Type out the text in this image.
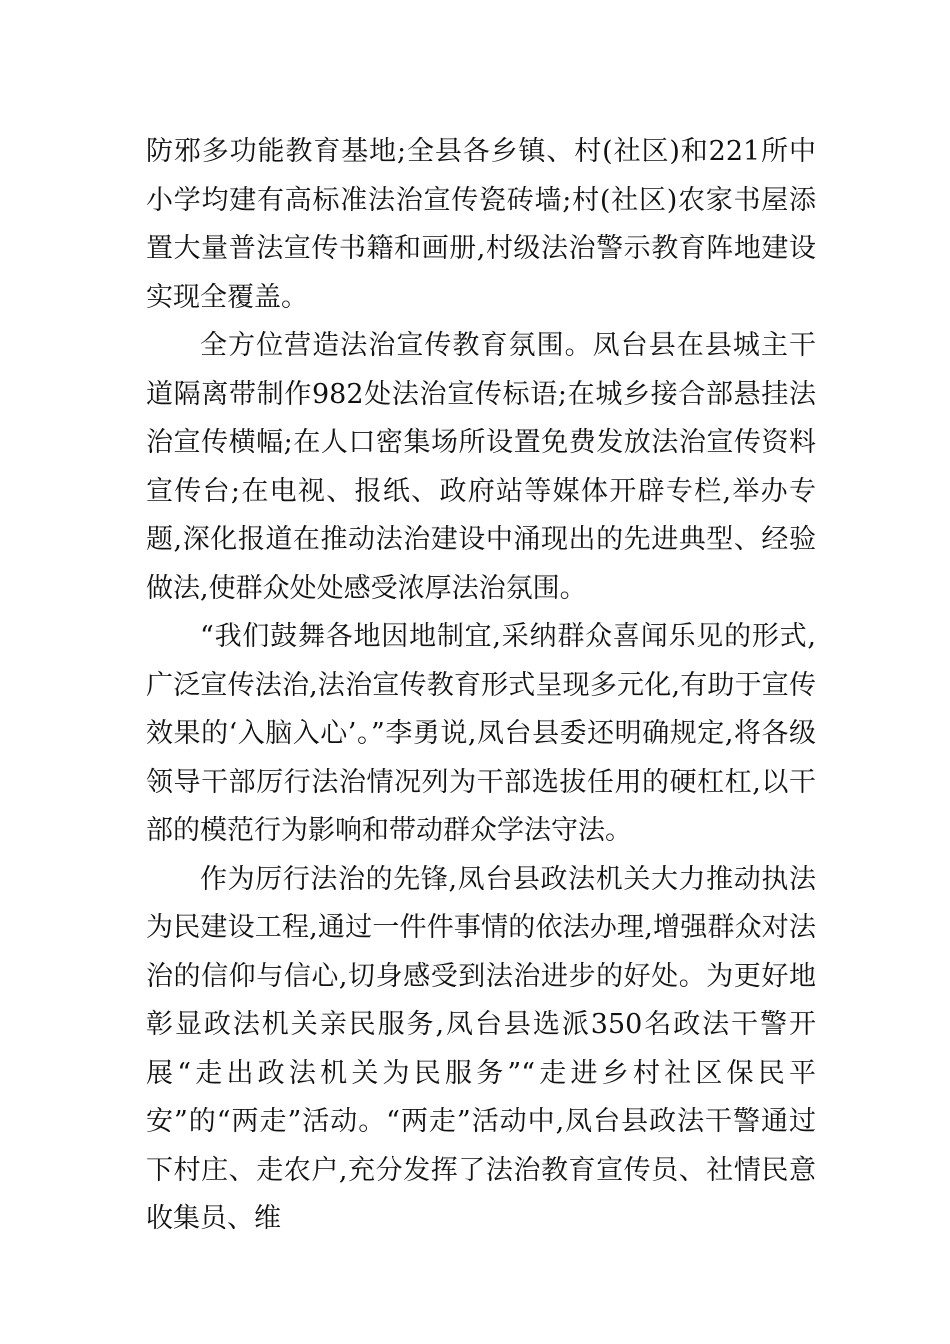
防邪多功能教育基地;全县各乡镇、村(社区)和221所中小学均建有高标准法治宣传瓷砖墙;村(社区)农家书屋添置大量普法宣传书籍和画册,村级法治警示教育阵地建设实现全覆盖。

全方位营造法治宣传教育氛围。凤台县在县城主干道隔离带制作982处法治宣传标语;在城乡接合部悬挂法治宣传横幅;在人口密集场所设置免费发放法治宣传资料宣传台;在电视、报纸、政府站等媒体开辟专栏,举办专题,深化报道在推动法治建设中涌现出的先进典型、经验做法,使群众处处感受浓厚法治氛围。

“我们鼓舞各地因地制宜,采纳群众喜闻乐见的形式,广泛宣传法治,法治宣传教育形式呈现多元化,有助于宣传效果的‘入脑入心’。”李勇说,凤台县委还明确规定,将各级领导干部厉行法治情况列为干部选拔任用的硬杠杠,以干部的模范行为影响和带动群众学法守法。

作为厉行法治的先锋,凤台县政法机关大力推动执法为民建设工程,通过一件件事情的依法办理,增强群众对法治的信仰与信心,切身感受到法治进步的好处。为更好地彰显政法机关亲民服务,凤台县选派350名政法干警开展“走出政法机关为民服务”“走进乡村社区保民平安”的“两走”活动。“两走”活动中,凤台县政法干警通过下村庄、走农户,充分发挥了法治教育宣传员、社情民意收集员、维
